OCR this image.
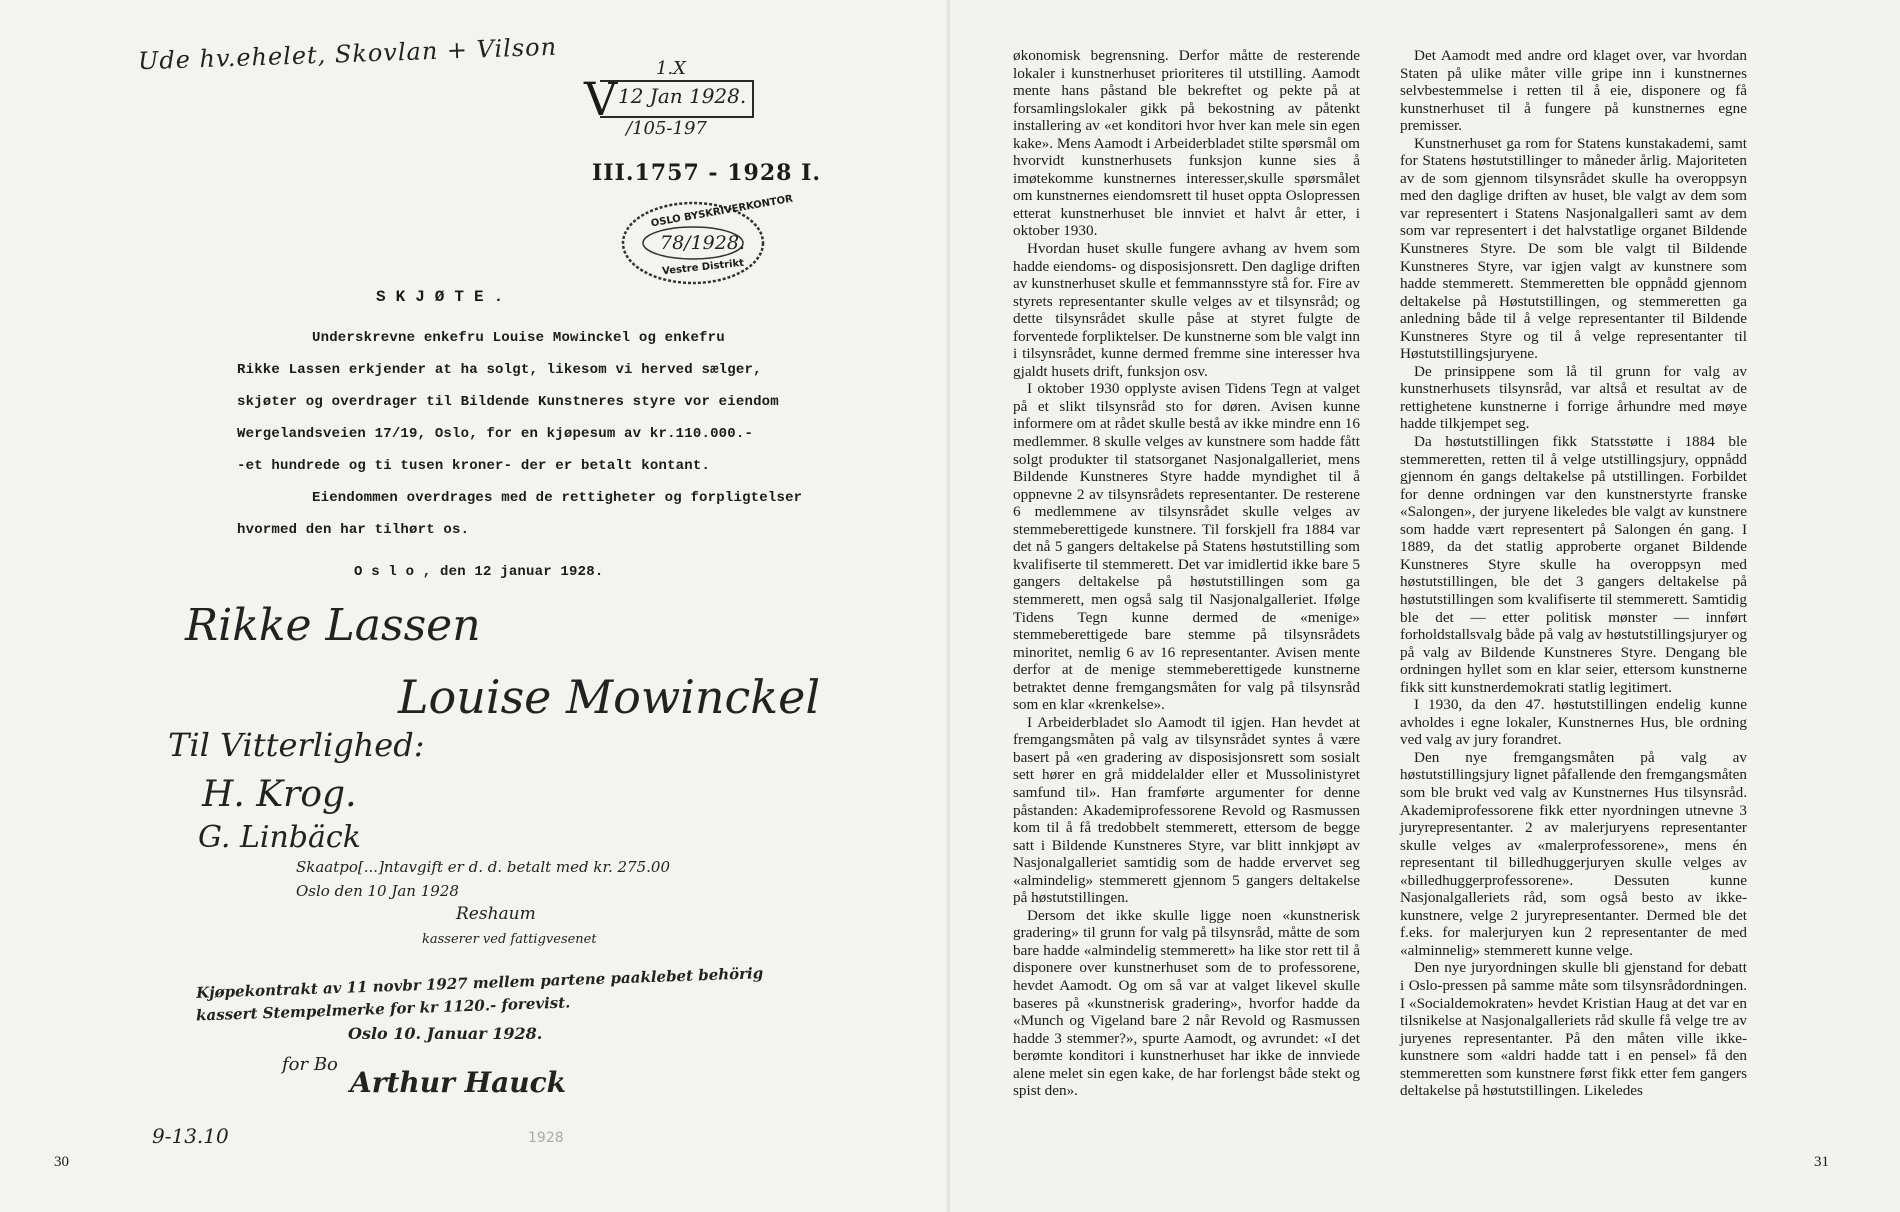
Ude hv.ehelet, Skovlan + Vilson	1.X
V 12 Jan 1928.
/105-197
III.1757 - 1928 I.
OSLO BYSKRIVERKONTOR
78/1928.
Vestre Distrikt
S K J Ø T E .
Underskrevne enkefru Louise Mowinckel og enkefru
Rikke Lassen erkjender at ha solgt, likesom vi herved sælger,
skjøter og overdrager til Bildende Kunstneres styre vor eiendom
Wergelandsveien 17/19, Oslo, for en kjøpesum av kr.110.000.-
-et hundrede og ti tusen kroner- der er betalt kontant.
Eiendommen overdrages med de rettigheter og forpligtelser
hvormed den har tilhørt os.
O s l o , den 12 januar 1928.
Rikke Lassen
Louise Mowinckel
Til Vitterlighed:
H. Krog.
G. Linbäck
Skaatpo[...]ntavgift er d. d. betalt med kr. 275.00
Oslo den 10 Jan 1928
Reshaum
kasserer ved fattigvesenet
Kjøpekontrakt av 11 novbr 1927 mellem partene paaklebet behörig
kassert Stempelmerke for kr 1120.- forevist.
Oslo 10. Januar 1928.
for Bo
Arthur Hauck
9-13.10	1928
30	31

økonomisk begrensning. Derfor måtte de resterende lokaler i kunstnerhuset prioriteres til utstilling. Aamodt mente hans påstand ble bekreftet og pekte på at forsamlingslokaler gikk på bekostning av påtenkt installering av «et konditori hvor hver kan mele sin egen kake». Mens Aamodt i Arbeiderbladet stilte spørsmål om hvorvidt kunstnerhusets funksjon kunne sies å imøtekomme kunstnernes interesser,skulle spørsmålet om kunstnernes eiendomsrett til huset oppta Oslopressen etterat kunstnerhuset ble innviet et halvt år etter, i oktober 1930.

Hvordan huset skulle fungere avhang av hvem som hadde eiendoms- og disposisjonsrett. Den daglige driften av kunstnerhuset skulle et femmannsstyre stå for. Fire av styrets representanter skulle velges av et tilsynsråd; og dette tilsynsrådet skulle påse at styret fulgte de forventede forpliktelser. De kunstnerne som ble valgt inn i tilsynsrådet, kunne dermed fremme sine interesser hva gjaldt husets drift, funksjon osv.

I oktober 1930 opplyste avisen Tidens Tegn at valget på et slikt tilsynsråd sto for døren. Avisen kunne informere om at rådet skulle bestå av ikke mindre enn 16 medlemmer. 8 skulle velges av kunstnere som hadde fått solgt produkter til statsorganet Nasjonalgalleriet, mens Bildende Kunstneres Styre hadde myndighet til å oppnevne 2 av tilsynsrådets representanter. De resterene 6 medlemmene av tilsynsrådet skulle velges av stemmeberettigede kunstnere. Til forskjell fra 1884 var det nå 5 gangers deltakelse på Statens høstutstilling som kvalifiserte til stemmerett. Det var imidlertid ikke bare 5 gangers deltakelse på høstutstillingen som ga stemmerett, men også salg til Nasjonalgalleriet. Ifølge Tidens Tegn kunne dermed de «menige» stemmeberettigede bare stemme på tilsynsrådets minoritet, nemlig 6 av 16 representanter. Avisen mente derfor at de menige stemmeberettigede kunstnerne betraktet denne fremgangsmåten for valg på tilsynsråd som en klar «krenkelse».

I Arbeiderbladet slo Aamodt til igjen. Han hevdet at fremgangsmåten på valg av tilsynsrådet syntes å være basert på «en gradering av disposisjonsrett som sosialt sett hører en grå middelalder eller et Mussolinistyret samfund til». Han framførte argumenter for denne påstanden: Akademiprofessorene Revold og Rasmussen kom til å få tredobbelt stemmerett, ettersom de begge satt i Bildende Kunstneres Styre, var blitt innkjøpt av Nasjonalgalleriet samtidig som de hadde ervervet seg «almindelig» stemmerett gjennom 5 gangers deltakelse på høstutstillingen.

Dersom det ikke skulle ligge noen «kunstnerisk gradering» til grunn for valg på tilsynsråd, måtte de som bare hadde «almindelig stemmerett» ha like stor rett til å disponere over kunstnerhuset som de to professorene, hevdet Aamodt. Og om så var at valget likevel skulle baseres på «kunstnerisk gradering», hvorfor hadde da «Munch og Vigeland bare 2 når Revold og Rasmussen hadde 3 stemmer?», spurte Aamodt, og avrundet: «I det berømte konditori i kunstnerhuset har ikke de innviede alene melet sin egen kake, de har forlengst både stekt og spist den».

Det Aamodt med andre ord klaget over, var hvordan Staten på ulike måter ville gripe inn i kunstnernes selvbestemmelse i retten til å eie, disponere og få kunstnerhuset til å fungere på kunstnernes egne premisser.

Kunstnerhuset ga rom for Statens kunstakademi, samt for Statens høstutstillinger to måneder årlig. Majoriteten av de som gjennom tilsynsrådet skulle ha overoppsyn med den daglige driften av huset, ble valgt av dem som var representert i Statens Nasjonalgalleri samt av dem som var representert i det halvstatlige organet Bildende Kunstneres Styre. De som ble valgt til Bildende Kunstneres Styre, var igjen valgt av kunstnere som hadde stemmerett. Stemmeretten ble oppnådd gjennom deltakelse på Høstutstillingen, og stemmeretten ga anledning både til å velge representanter til Bildende Kunstneres Styre og til å velge representanter til Høstutstillingsjuryene.

De prinsippene som lå til grunn for valg av kunstnerhusets tilsynsråd, var altså et resultat av de rettighetene kunstnerne i forrige århundre med møye hadde tilkjempet seg.

Da høstutstillingen fikk Statsstøtte i 1884 ble stemmeretten, retten til å velge utstillingsjury, oppnådd gjennom én gangs deltakelse på utstillingen. Forbildet for denne ordningen var den kunstnerstyrte franske «Salongen», der juryene likeledes ble valgt av kunstnere som hadde vært representert på Salongen én gang. I 1889, da det statlig approberte organet Bildende Kunstneres Styre skulle ha overoppsyn med høstutstillingen, ble det 3 gangers deltakelse på høstutstillingen som kvalifiserte til stemmerett. Samtidig ble det — etter politisk mønster — innført forholdstallsvalg både på valg av høstutstillingsjuryer og på valg av Bildende Kunstneres Styre. Dengang ble ordningen hyllet som en klar seier, ettersom kunstnerne fikk sitt kunstnerdemokrati statlig legitimert.

I 1930, da den 47. høstutstillingen endelig kunne avholdes i egne lokaler, Kunstnernes Hus, ble ordning ved valg av jury forandret.

Den nye fremgangsmåten på valg av høstutstillingsjury lignet påfallende den fremgangsmåten som ble brukt ved valg av Kunstnernes Hus tilsynsråd. Akademiprofessorene fikk etter nyordningen utnevne 3 juryrepresentanter. 2 av malerjuryens representanter skulle velges av «malerprofessorene», mens én representant til billedhuggerjuryen skulle velges av «billedhuggerprofessorene». Dessuten kunne Nasjonalgalleriets råd, som også besto av ikke-kunstnere, velge 2 juryrepresentanter. Dermed ble det f.eks. for malerjuryen kun 2 representanter de med «alminnelig» stemmerett kunne velge.

Den nye juryordningen skulle bli gjenstand for debatt i Oslo-pressen på samme måte som tilsynsrådordningen. I «Socialdemokraten» hevdet Kristian Haug at det var en tilsnikelse at Nasjonalgalleriets råd skulle få velge tre av juryenes representanter. På den måten ville ikke-kunstnere som «aldri hadde tatt i en pensel» få den stemmeretten som kunstnere først fikk etter fem gangers deltakelse på høstutstillingen. Likeledes
